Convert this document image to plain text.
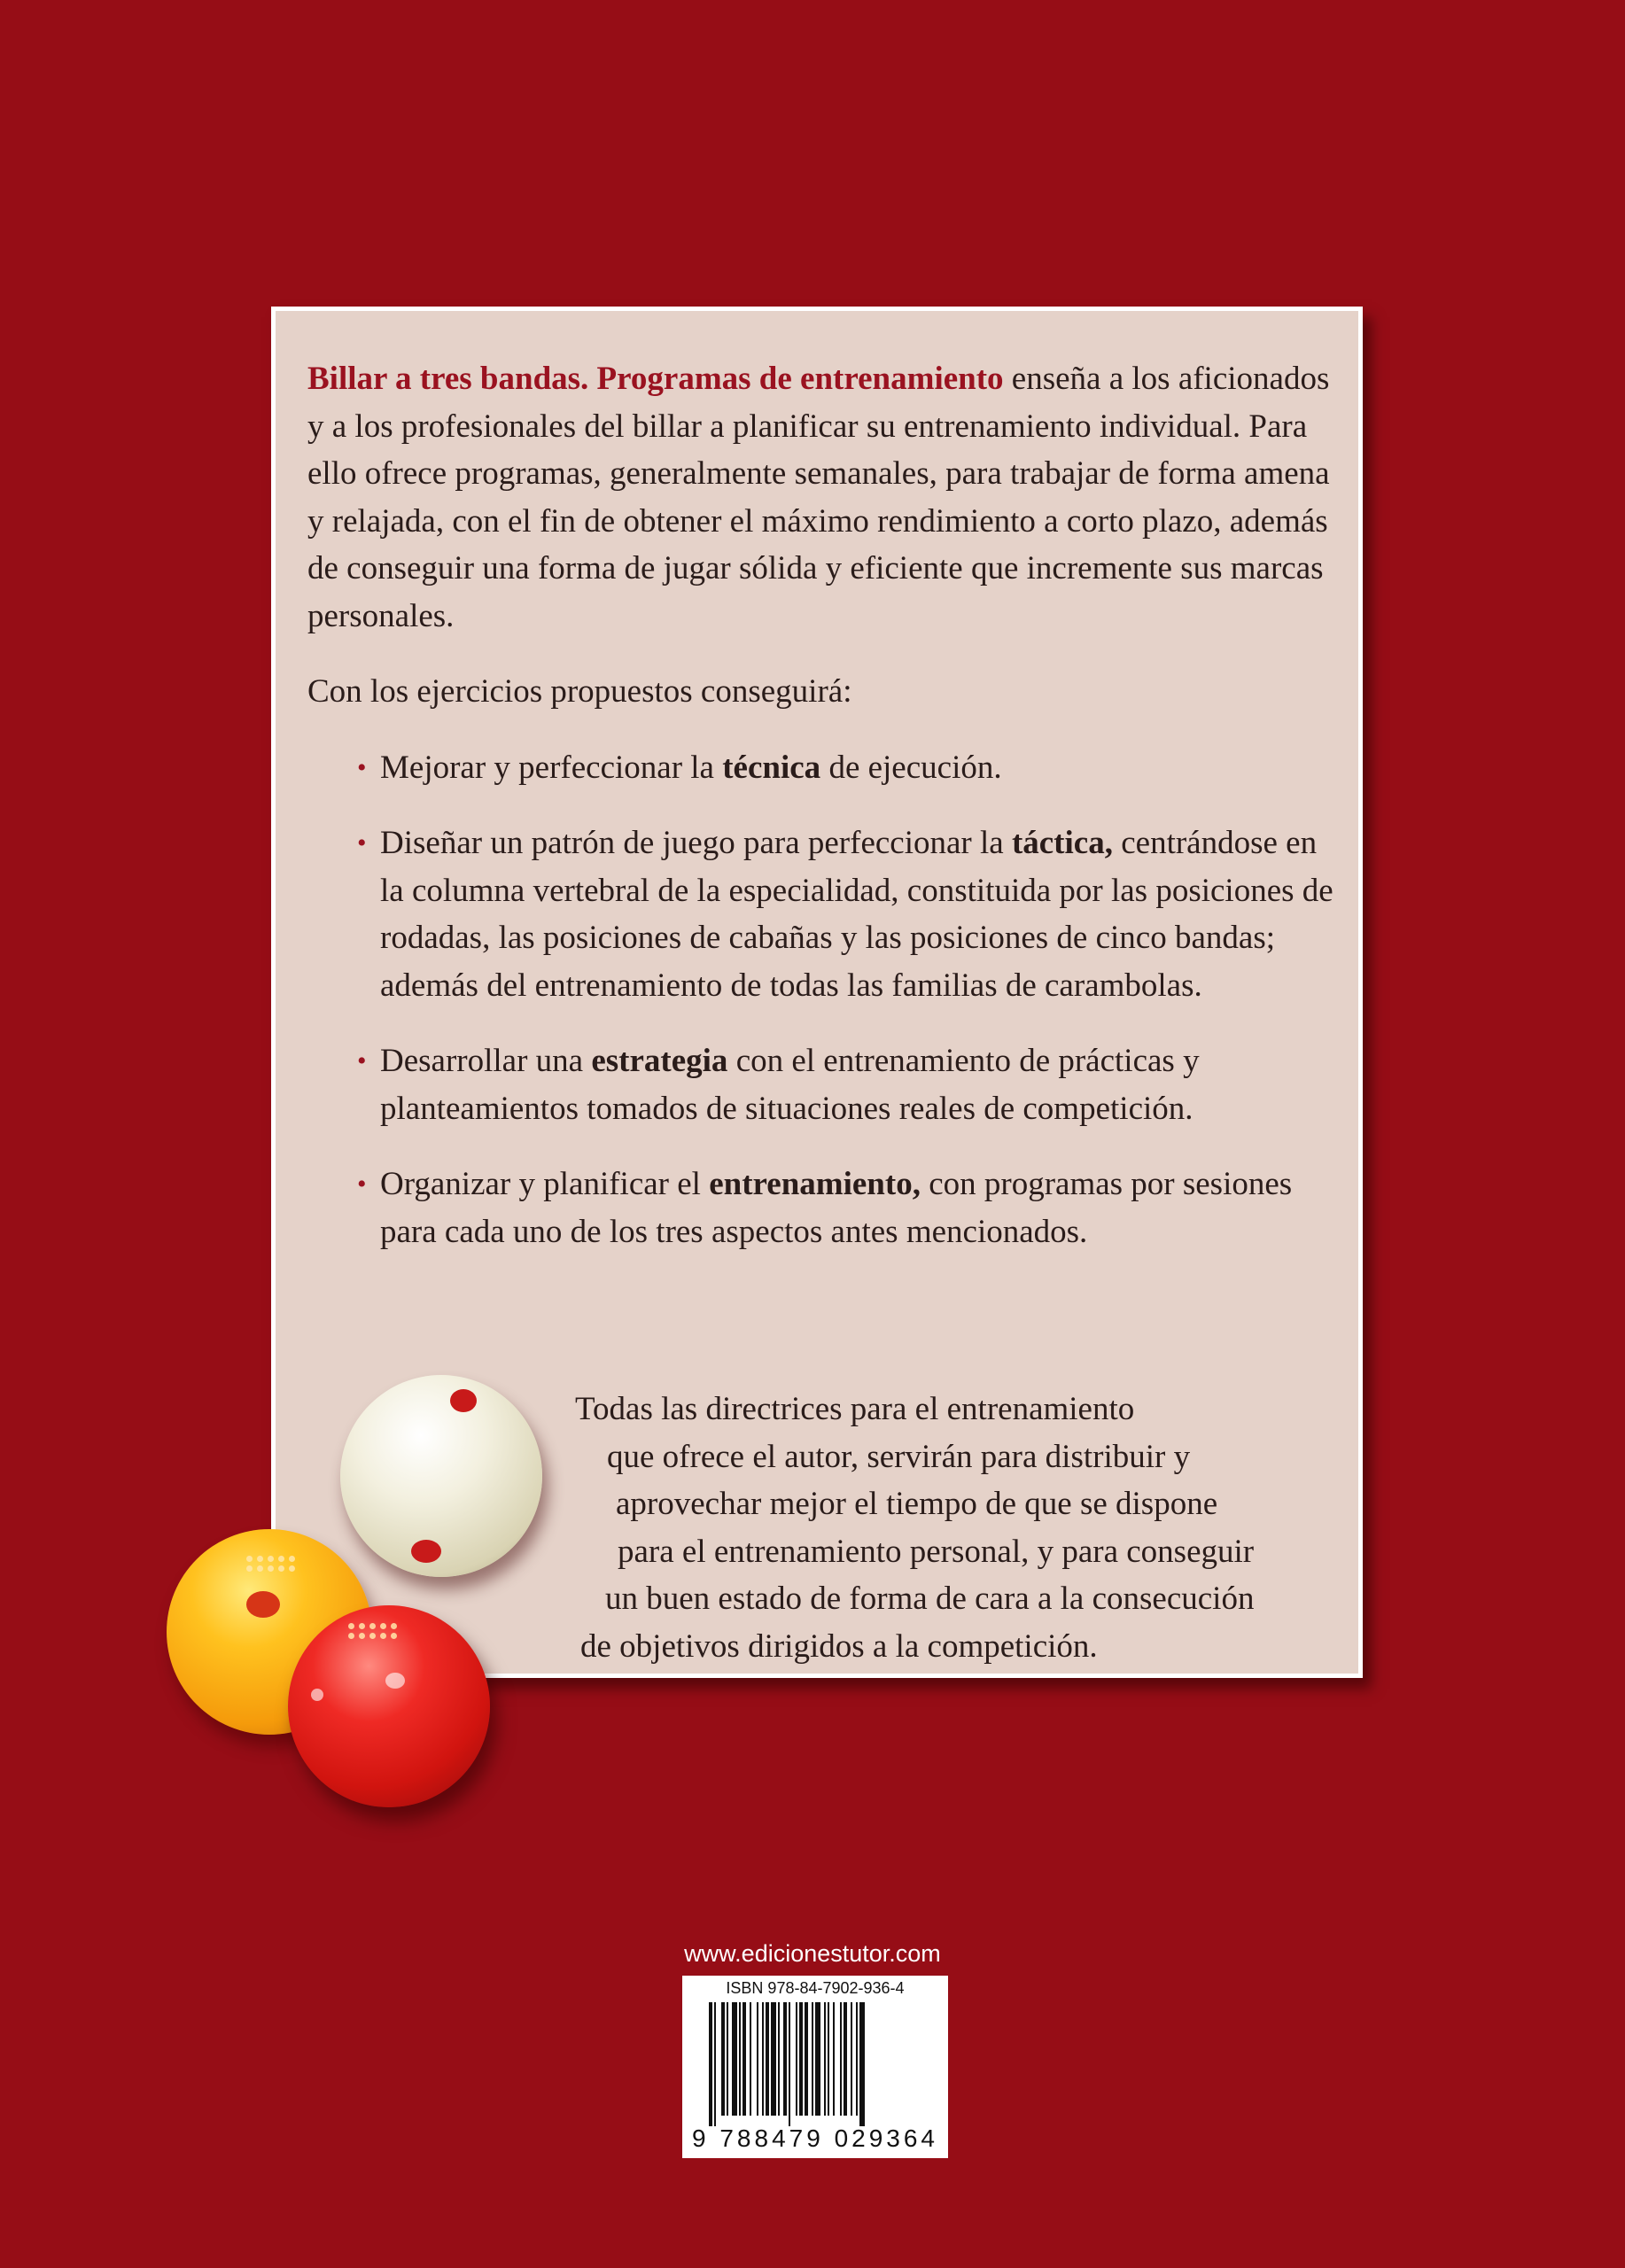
Billar a tres bandas. Programas de entrenamiento enseña a los aficionados y a los profesionales del billar a planificar su entrenamiento individual. Para ello ofrece programas, generalmente semanales, para trabajar de forma amena y relajada, con el fin de obtener el máximo rendimiento a corto plazo, además de conseguir una forma de jugar sólida y eficiente que incremente sus marcas personales.

Con los ejercicios propuestos conseguirá:

• Mejorar y perfeccionar la técnica de ejecución.
• Diseñar un patrón de juego para perfeccionar la táctica, centrándose en la columna vertebral de la especialidad, constituida por las posiciones de rodadas, las posiciones de cabañas y las posiciones de cinco bandas; además del entrenamiento de todas las familias de carambolas.
• Desarrollar una estrategia con el entrenamiento de prácticas y planteamientos tomados de situaciones reales de competición.
• Organizar y planificar el entrenamiento, con programas por sesiones para cada uno de los tres aspectos antes mencionados.
Todas las directrices para el entrenamiento
que ofrece el autor, servirán para distribuir y
aprovechar mejor el tiempo de que se dispone
para el entrenamiento personal, y para conseguir
un buen estado de forma de cara a la consecución
de objetivos dirigidos a la competición.
www.edicionestutor.com
ISBN 978-84-7902-936-4
9 788479 029364
